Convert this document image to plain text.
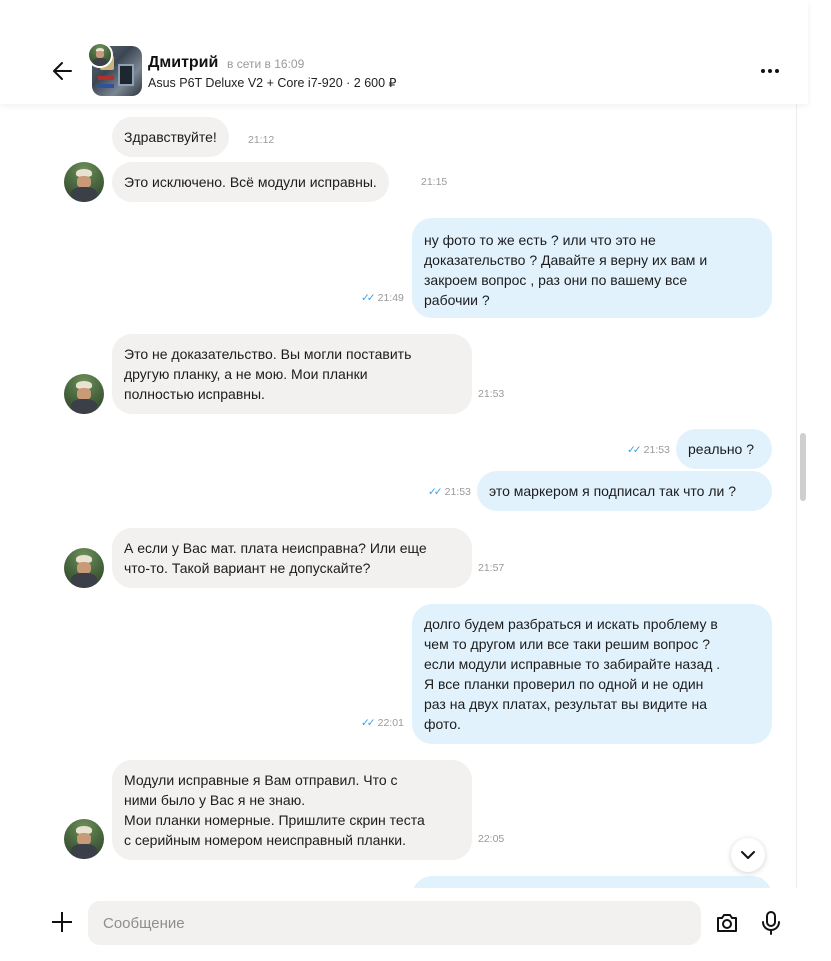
Дмитрий в сети в 16:09
Asus P6T Deluxe V2 + Core i7-920 · 2 600 ₽
Здравствуйте!	21:12
Это исключено. Всё модули исправны.	21:15
✓✓ 21:49
ну фото то же есть ? или что это не
доказательство ? Давайте я верну их вам и
закроем вопрос , раз они по вашему все
рабочии ?
Это не доказательство. Вы могли поставить
другую планку, а не мою. Мои планки
полностью исправны.	21:53
✓✓ 21:53 реально ?
✓✓ 21:53 это маркером я подписал так что ли ?
А если у Вас мат. плата неисправна? Или еще
что-то. Такой вариант не допускайте?	21:57
✓✓ 22:01
долго будем разбраться и искать проблему в
чем то другом или все таки решим вопрос ?
если модули исправные то забирайте назад .
Я все планки проверил по одной и не один
раз на двух платах, результат вы видите на
фото.
Модули исправные я Вам отправил. Что с
ними было у Вас я не знаю.
Мои планки номерные. Пришлите скрин теста
с серийным номером неисправный планки.	22:05
Сообщение
